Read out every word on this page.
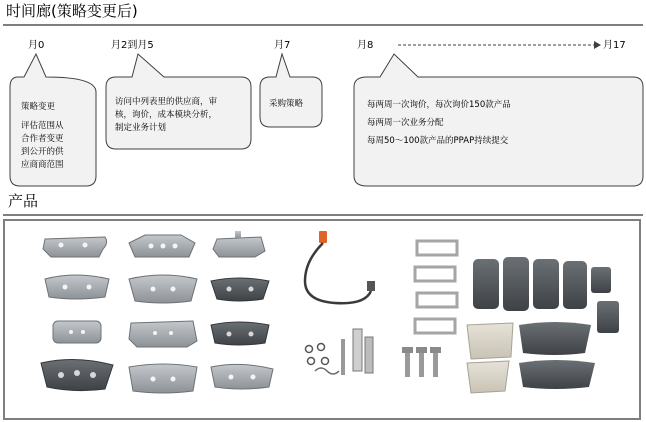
时间廊(策略变更后)
月0	月2到月5	月7	月8	月17
策略变更
评估范围从
合作者变更
到公开的供
应商商范围
访问中列表里的供应商，审
核，询价，成本模块分析，
制定业务计划
采购策略	每两周一次询价，每次询价150款产品
每两周一次业务分配
每周50～100款产品的PPAP持续提交
产品
